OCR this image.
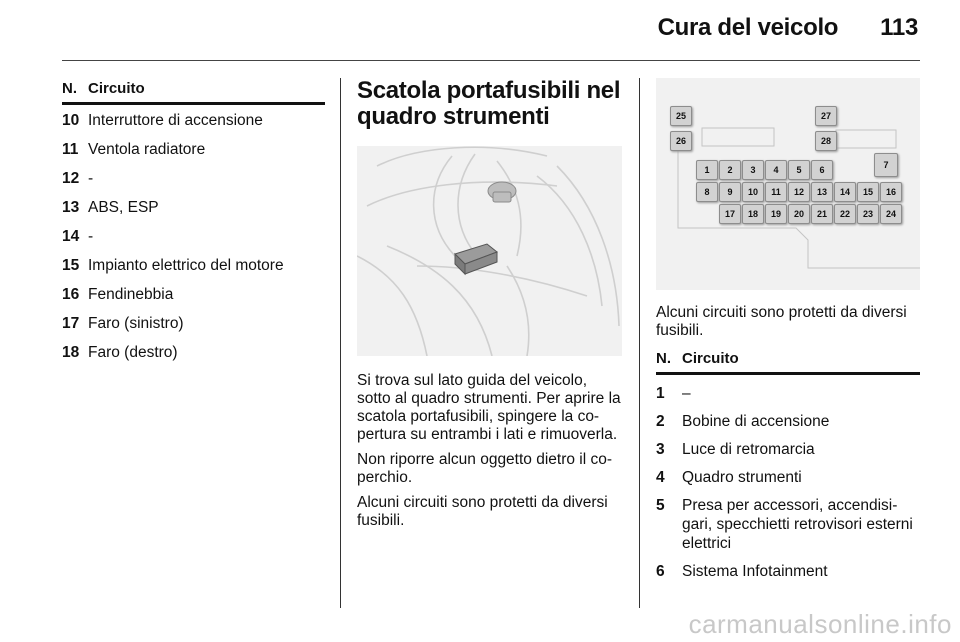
Cura del veicolo 113
N. Circuito
10 Interruttore di accensione
11 Ventola radiatore
12 -
13 ABS, ESP
14 -
15 Impianto elettrico del motore
16 Fendinebbia
17 Faro (sinistro)
18 Faro (destro)

Scatola portafusibili nel
quadro strumenti

Si trova sul lato guida del veicolo, sotto al quadro strumenti. Per aprire la scatola portafusibili, spingere la co-pertura su entrambi i lati e rimuoverla.

Non riporre alcun oggetto dietro il co-perchio.

Alcuni circuiti sono protetti da diversi fusibili.

25
26
27
28
1	2	3	4	5	6	7
8	9	10	11	12	13	14	15	16
17	18	19	20	21	22	23	24

Alcuni circuiti sono protetti da diversi fusibili.

N. Circuito
1	–
2	Bobine di accensione
3	Luce di retromarcia
4	Quadro strumenti
5	Presa per accessori, accendisi-gari, specchietti retrovisori esterni elettrici
6	Sistema Infotainment
carmanualsonline.info
